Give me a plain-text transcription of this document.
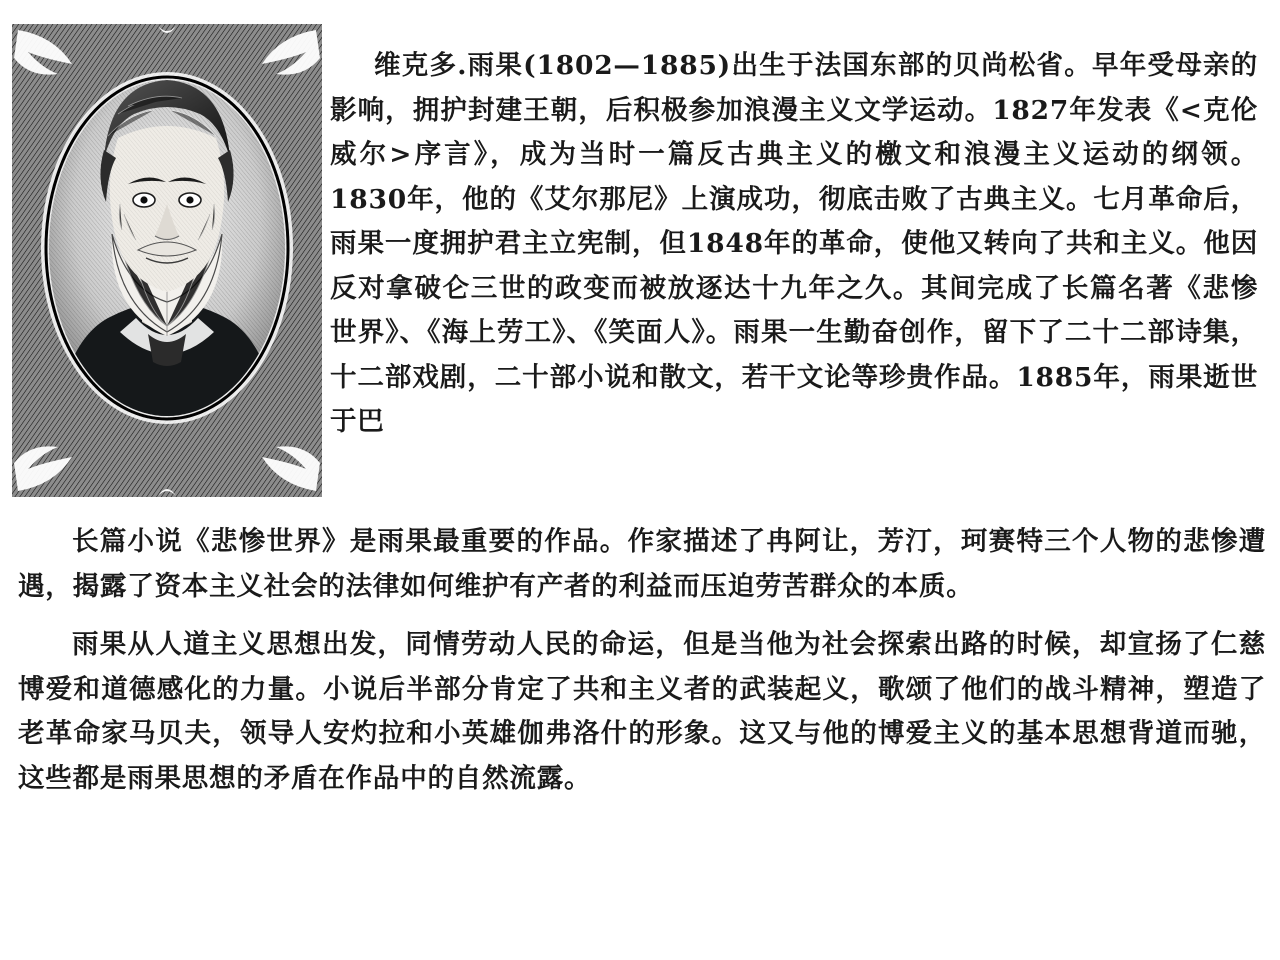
维克多.雨果(1802—1885)出生于法国东部的贝尚松省。早年受母亲的影响，拥护封建王朝，后积极参加浪漫主义文学运动。1827年发表《<克伦威尔>序言》，成为当时一篇反古典主义的檄文和浪漫主义运动的纲领。1830年，他的《艾尔那尼》上演成功，彻底击败了古典主义。七月革命后，雨果一度拥护君主立宪制，但1848年的革命，使他又转向了共和主义。他因反对拿破仑三世的政变而被放逐达十九年之久。其间完成了长篇名著《悲惨世界》、《海上劳工》、《笑面人》。雨果一生勤奋创作，留下了二十二部诗集，十二部戏剧，二十部小说和散文，若干文论等珍贵作品。1885年，雨果逝世于巴

长篇小说《悲惨世界》是雨果最重要的作品。作家描述了冉阿让，芳汀，珂赛特三个人物的悲惨遭遇，揭露了资本主义社会的法律如何维护有产者的利益而压迫劳苦群众的本质。

雨果从人道主义思想出发，同情劳动人民的命运，但是当他为社会探索出路的时候，却宣扬了仁慈博爱和道德感化的力量。小说后半部分肯定了共和主义者的武装起义，歌颂了他们的战斗精神，塑造了老革命家马贝夫，领导人安灼拉和小英雄伽弗洛什的形象。这又与他的博爱主义的基本思想背道而驰，这些都是雨果思想的矛盾在作品中的自然流露。
